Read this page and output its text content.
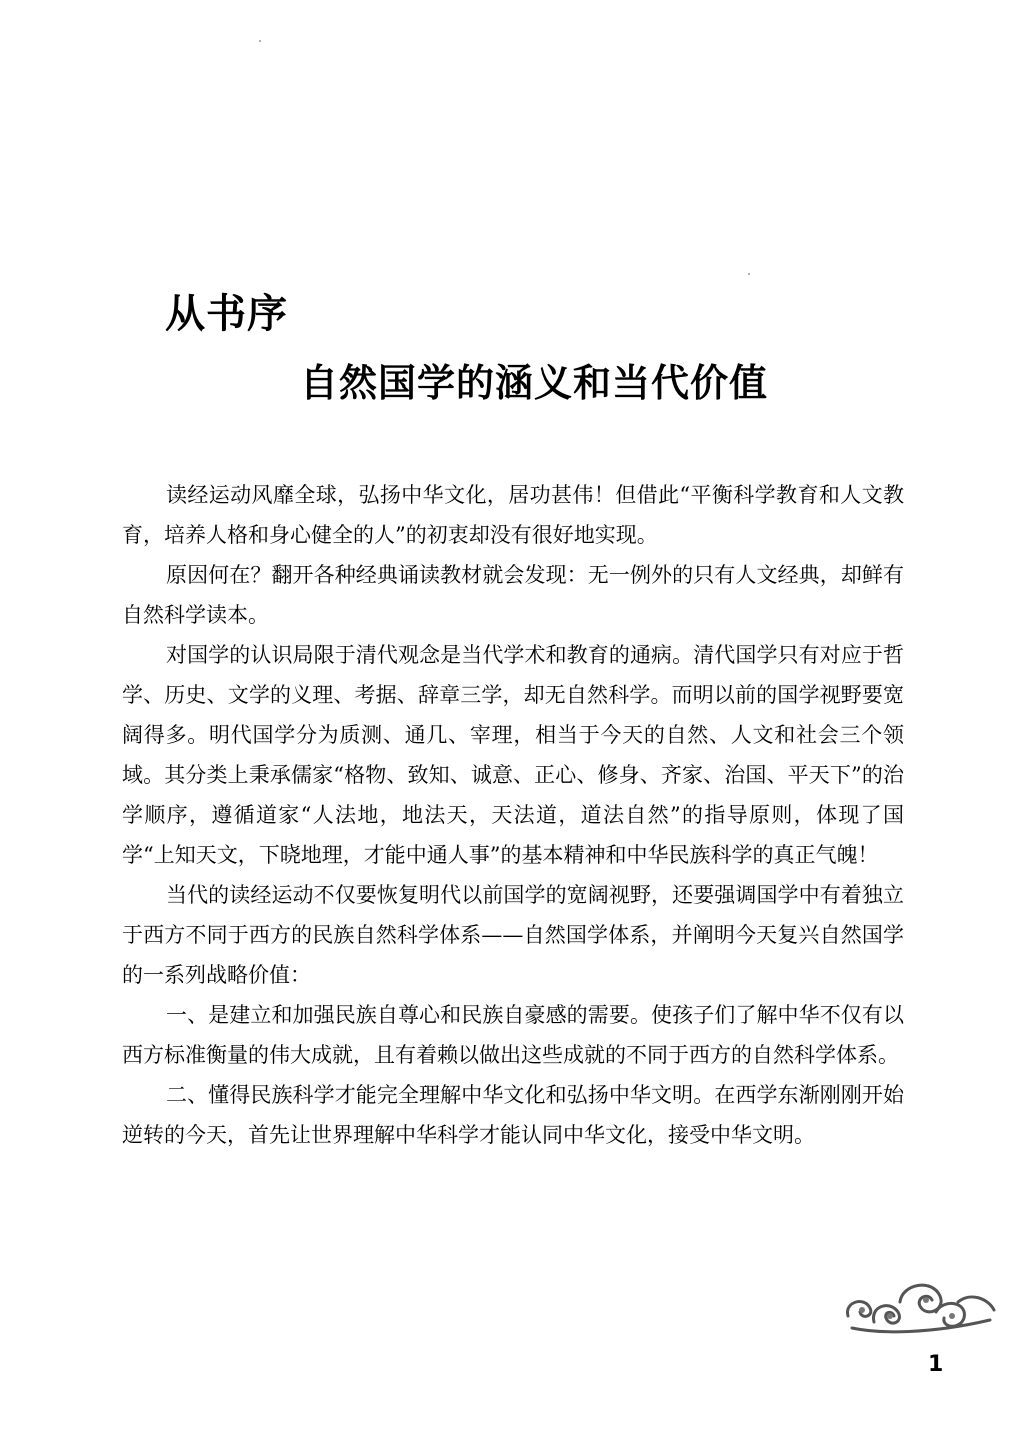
从书序
自然国学的涵义和当代价值

读经运动风靡全球，弘扬中华文化，居功甚伟！但借此“平衡科学教育和人文教育，培养人格和身心健全的人”的初衷却没有很好地实现。

原因何在？翻开各种经典诵读教材就会发现：无一例外的只有人文经典，却鲜有自然科学读本。

对国学的认识局限于清代观念是当代学术和教育的通病。清代国学只有对应于哲学、历史、文学的义理、考据、辞章三学，却无自然科学。而明以前的国学视野要宽阔得多。明代国学分为质测、通几、宰理，相当于今天的自然、人文和社会三个领域。其分类上秉承儒家“格物、致知、诚意、正心、修身、齐家、治国、平天下”的治学顺序，遵循道家“人法地，地法天，天法道，道法自然”的指导原则，体现了国学“上知天文，下晓地理，才能中通人事”的基本精神和中华民族科学的真正气魄！

当代的读经运动不仅要恢复明代以前国学的宽阔视野，还要强调国学中有着独立于西方不同于西方的民族自然科学体系——自然国学体系，并阐明今天复兴自然国学的一系列战略价值：

一、是建立和加强民族自尊心和民族自豪感的需要。使孩子们了解中华不仅有以西方标准衡量的伟大成就，且有着赖以做出这些成就的不同于西方的自然科学体系。

二、懂得民族科学才能完全理解中华文化和弘扬中华文明。在西学东渐刚刚开始逆转的今天，首先让世界理解中华科学才能认同中华文化，接受中华文明。

1
